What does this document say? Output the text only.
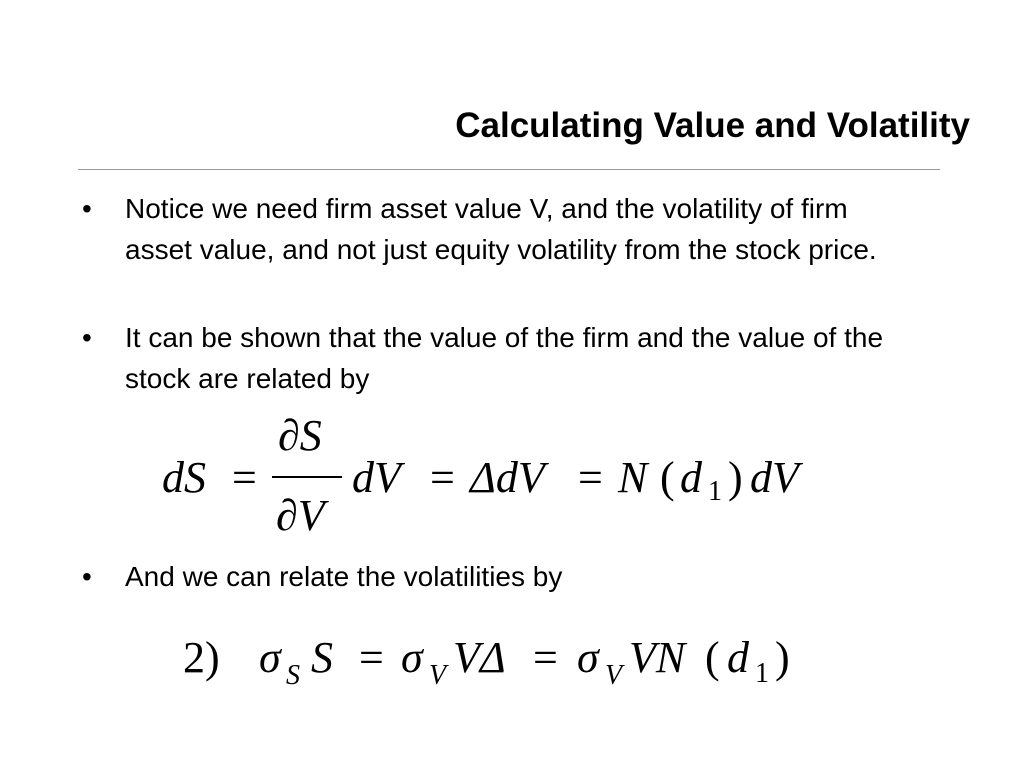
Calculating Value and Volatility
• Notice we need firm asset value V, and the volatility of firm asset value, and not just equity volatility from the stock price.
• It can be shown that the value of the firm and the value of the stock are related by
dS =
∂S
∂V
dV = ΔdV = N ( d 1 ) dV
• And we can relate the volatilities by
2) σ S S = σ V VΔ = σ V VN ( d 1 )
